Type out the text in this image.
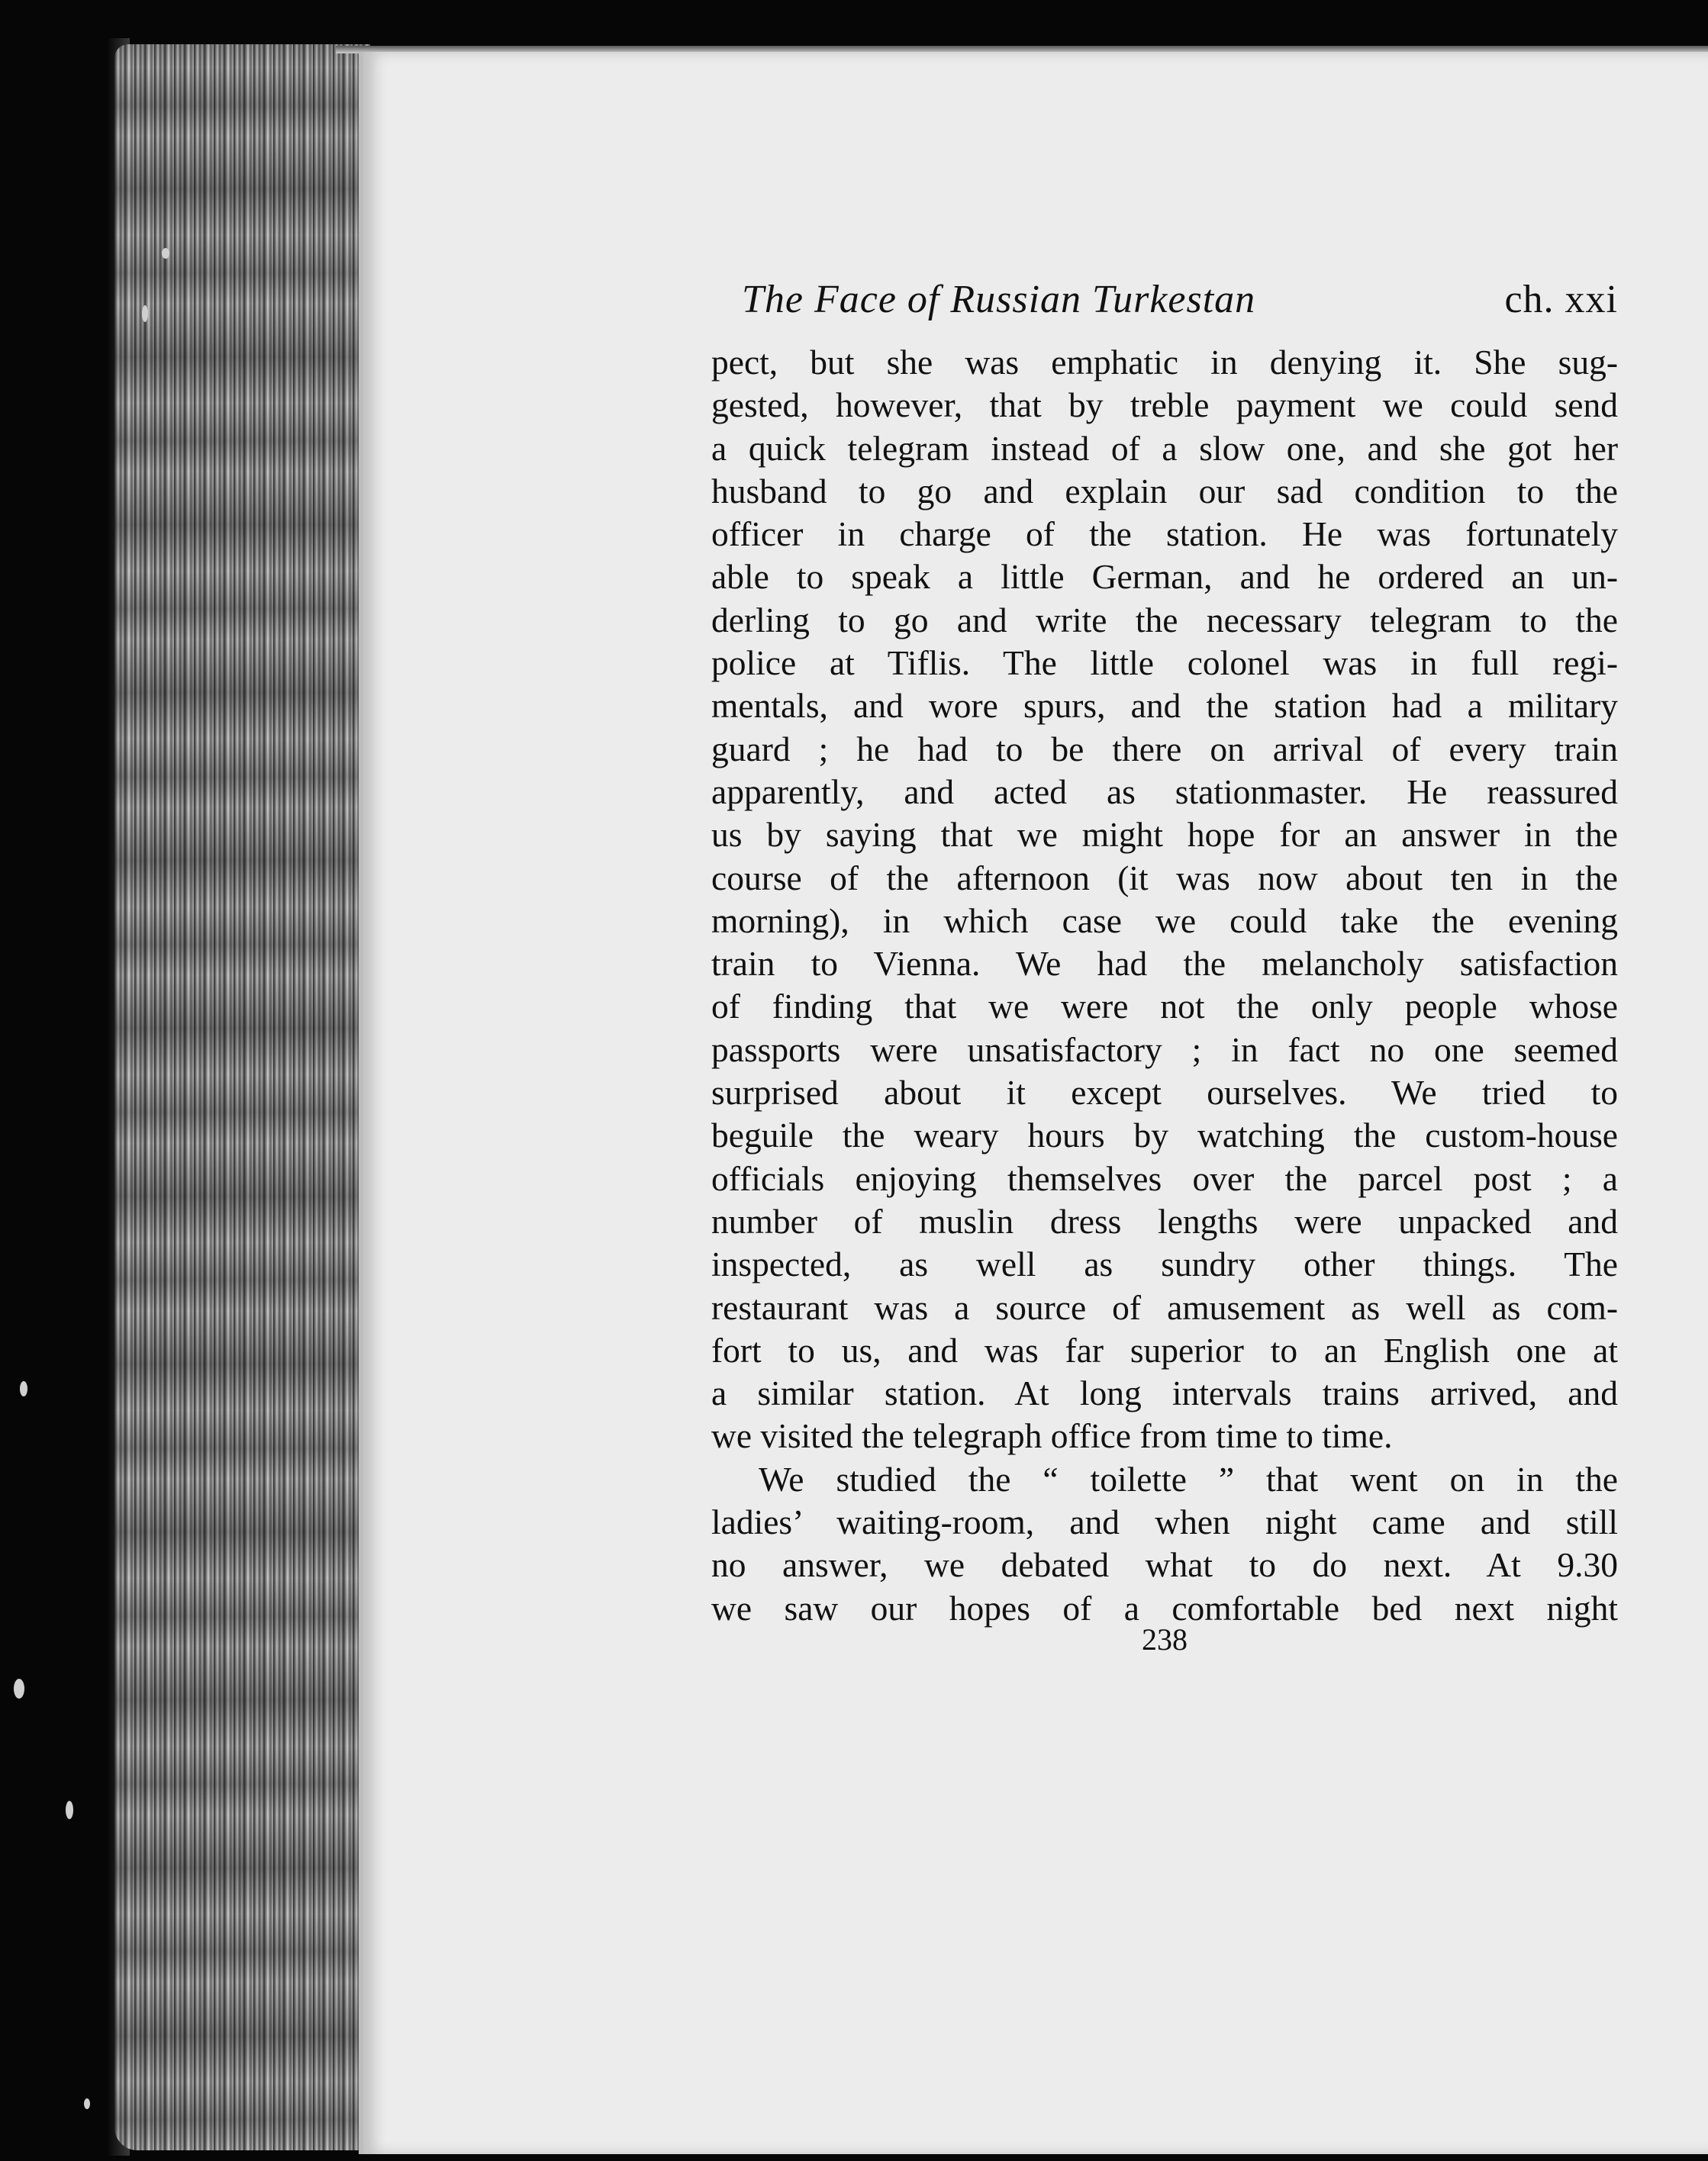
The Face of Russian Turkestan	ch. xxi
pect, but she was emphatic in denying it. She sug-
gested, however, that by treble payment we could send
a quick telegram instead of a slow one, and she got her
husband to go and explain our sad condition to the
officer in charge of the station. He was fortunately
able to speak a little German, and he ordered an un-
derling to go and write the necessary telegram to the
police at Tiflis. The little colonel was in full regi-
mentals, and wore spurs, and the station had a military
guard ; he had to be there on arrival of every train
apparently, and acted as stationmaster. He reassured
us by saying that we might hope for an answer in the
course of the afternoon (it was now about ten in the
morning), in which case we could take the evening
train to Vienna. We had the melancholy satisfaction
of finding that we were not the only people whose
passports were unsatisfactory ; in fact no one seemed
surprised about it except ourselves. We tried to
beguile the weary hours by watching the custom-house
officials enjoying themselves over the parcel post ; a
number of muslin dress lengths were unpacked and
inspected, as well as sundry other things. The
restaurant was a source of amusement as well as com-
fort to us, and was far superior to an English one at
a similar station. At long intervals trains arrived, and
we visited the telegraph office from time to time.
We studied the “ toilette ” that went on in the
ladies’ waiting-room, and when night came and still
no answer, we debated what to do next. At 9.30
we saw our hopes of a comfortable bed next night
238
